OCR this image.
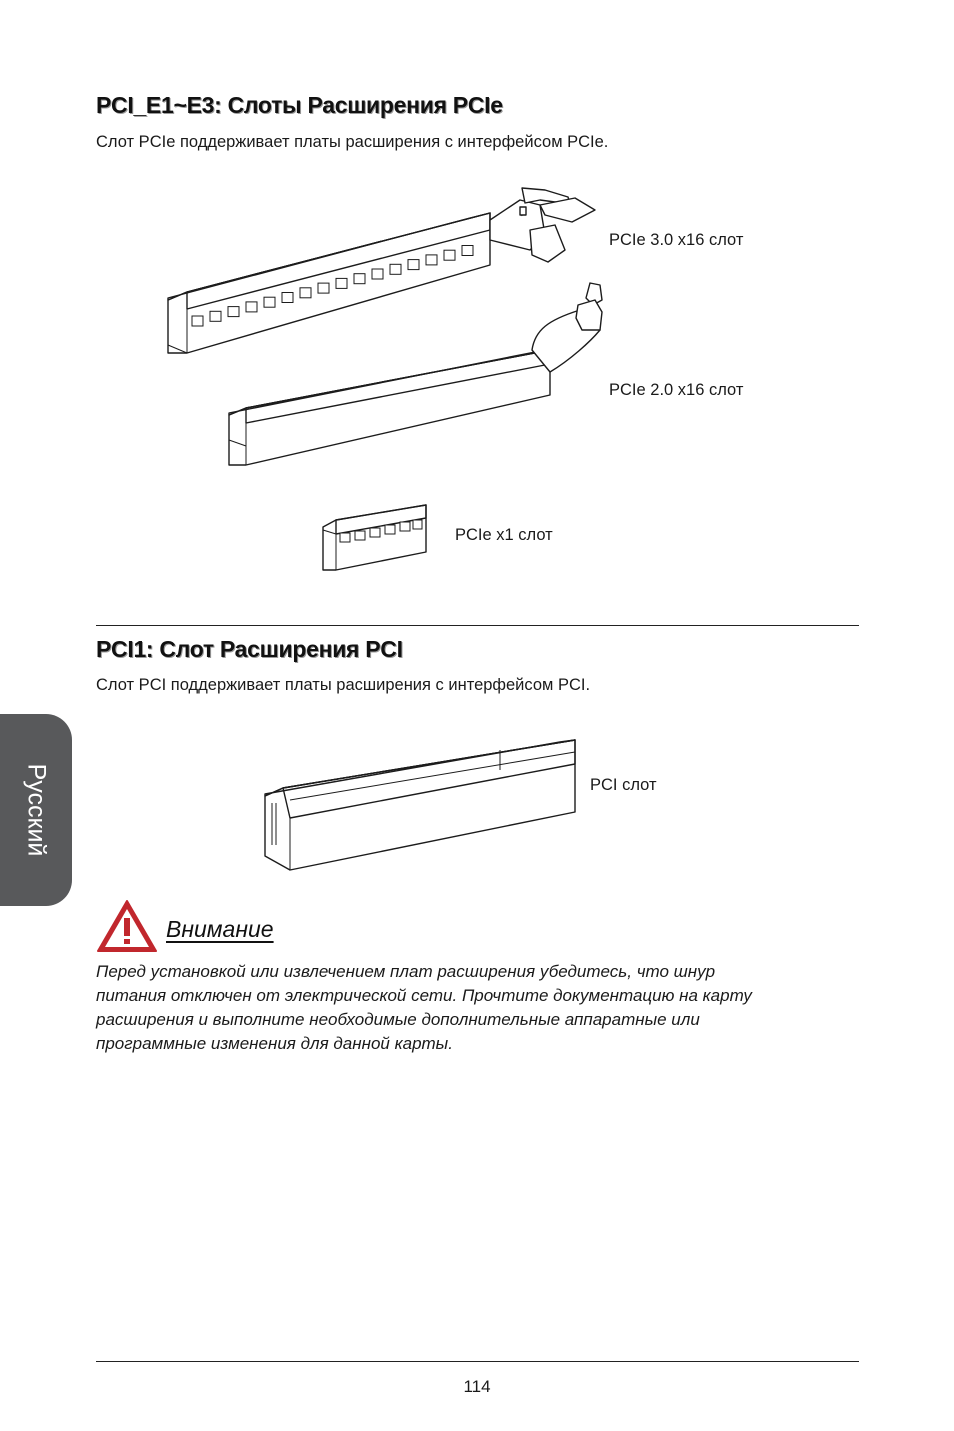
PCI_E1~E3: Слоты Расширения PCIe
Слот PCIe поддерживает платы расширения с интерфейсом PCIe.
PCIe 3.0 x16 слот
PCIe 2.0 x16 слот
PCIe x1 слот
PCI1: Слот Расширения PCI
Слот PCI поддерживает платы расширения с интерфейсом PCI.
PCI слот
Русский
Внимание
Перед установкой или извлечением плат расширения убедитесь, что шнур
питания отключен от электрической сети. Прочтите документацию на карту
расширения и выполните необходимые дополнительные аппаратные или
программные изменения для данной карты.
114
